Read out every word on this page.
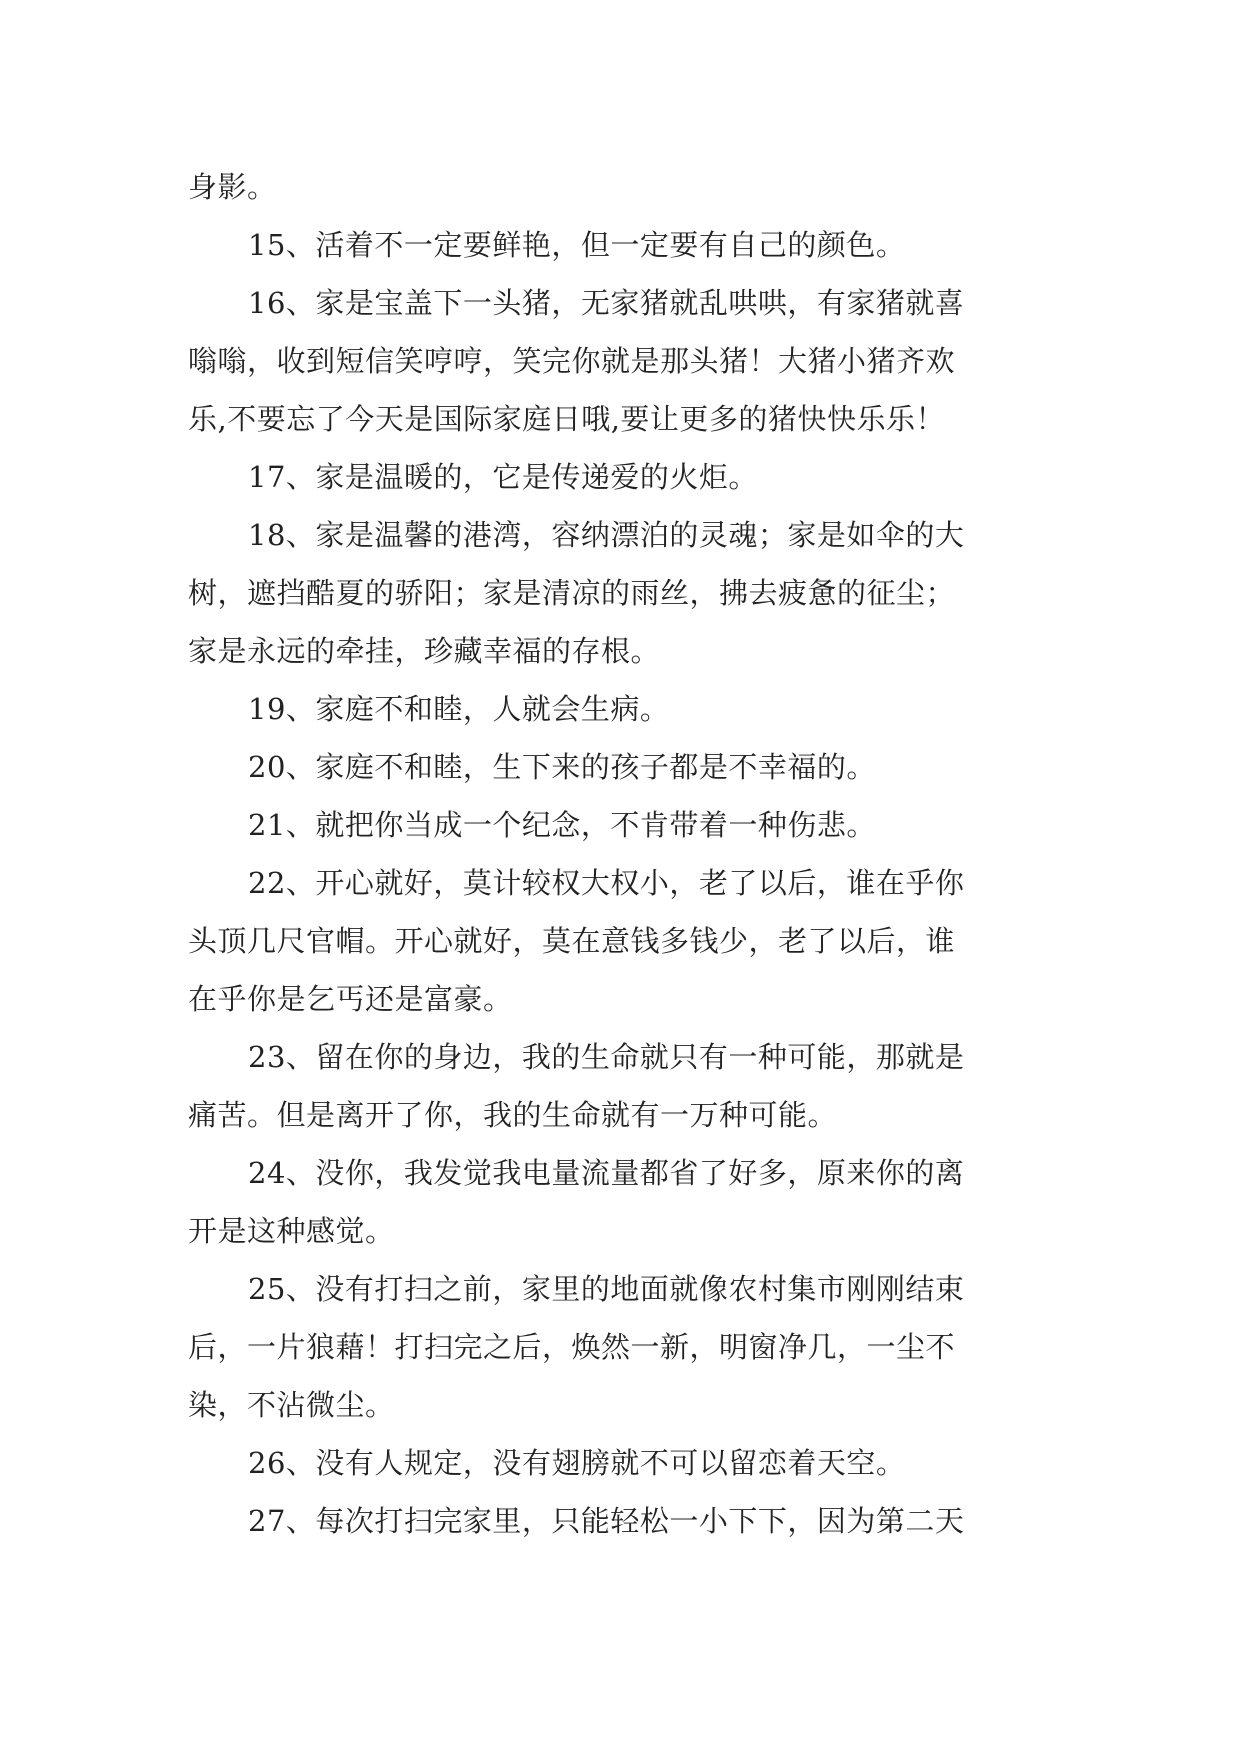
身影。

15、活着不一定要鲜艳，但一定要有自己的颜色。

16、家是宝盖下一头猪，无家猪就乱哄哄，有家猪就喜

嗡嗡，收到短信笑哼哼，笑完你就是那头猪！大猪小猪齐欢

乐,不要忘了今天是国际家庭日哦,要让更多的猪快快乐乐！

17、家是温暖的，它是传递爱的火炬。

18、家是温馨的港湾，容纳漂泊的灵魂；家是如伞的大

树，遮挡酷夏的骄阳；家是清凉的雨丝，拂去疲惫的征尘；

家是永远的牵挂，珍藏幸福的存根。

19、家庭不和睦，人就会生病。

20、家庭不和睦，生下来的孩子都是不幸福的。

21、就把你当成一个纪念，不肯带着一种伤悲。

22、开心就好，莫计较权大权小，老了以后，谁在乎你

头顶几尺官帽。开心就好，莫在意钱多钱少，老了以后，谁

在乎你是乞丐还是富豪。

23、留在你的身边，我的生命就只有一种可能，那就是

痛苦。但是离开了你，我的生命就有一万种可能。

24、没你，我发觉我电量流量都省了好多，原来你的离

开是这种感觉。

25、没有打扫之前，家里的地面就像农村集市刚刚结束

后，一片狼藉！打扫完之后，焕然一新，明窗净几，一尘不

染，不沾微尘。

26、没有人规定，没有翅膀就不可以留恋着天空。

27、每次打扫完家里，只能轻松一小下下，因为第二天
